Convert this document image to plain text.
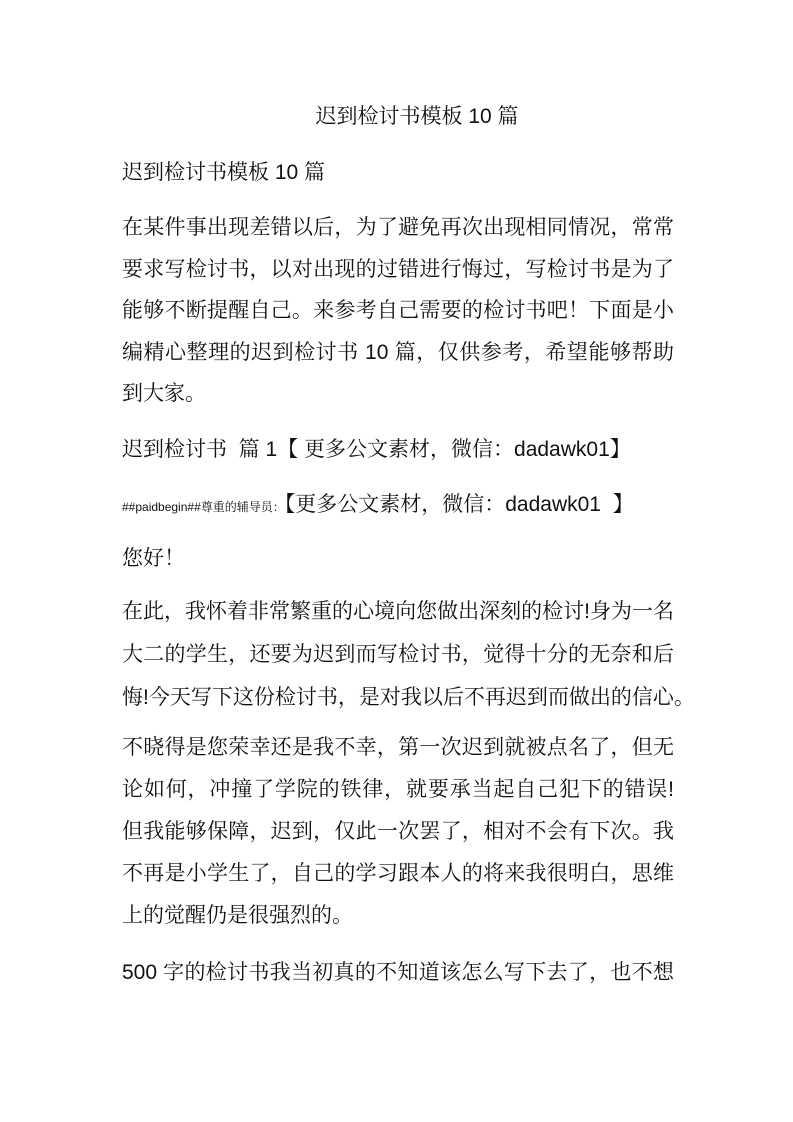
迟到检讨书模板 10 篇
迟到检讨书模板 10 篇
在某件事出现差错以后，为了避免再次出现相同情况，常常
要求写检讨书，以对出现的过错进行悔过，写检讨书是为了
能够不断提醒自己。来参考自己需要的检讨书吧！下面是小
编精心整理的迟到检讨书 10 篇，仅供参考，希望能够帮助
到大家。
迟到检讨书  篇 1【 更多公文素材，微信：dadawk01】
##paidbegin##尊重的辅导员：【更多公文素材，微信：dadawk01  】
您好！
在此，我怀着非常繁重的心境向您做出深刻的检讨!身为一名
大二的学生，还要为迟到而写检讨书，觉得十分的无奈和后
悔!今天写下这份检讨书，是对我以后不再迟到而做出的信心。
不晓得是您荣幸还是我不幸，第一次迟到就被点名了，但无
论如何，冲撞了学院的铁律，就要承当起自己犯下的错误!
但我能够保障，迟到，仅此一次罢了，相对不会有下次。我
不再是小学生了，自己的学习跟本人的将来我很明白，思维
上的觉醒仍是很强烈的。
500 字的检讨书我当初真的不知道该怎么写下去了，也不想
